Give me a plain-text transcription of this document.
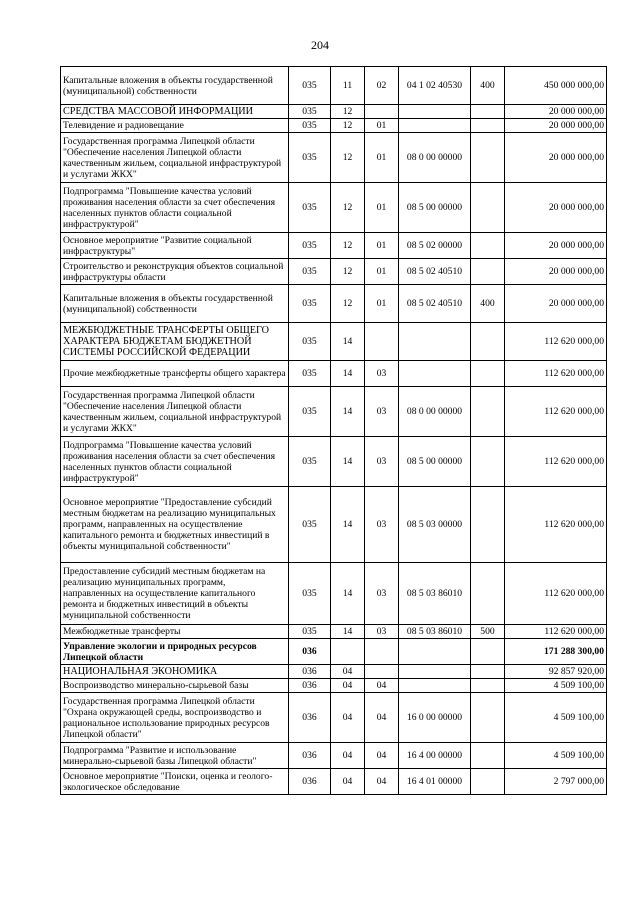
204
Капитальные вложения в объекты государственной (муниципальной) собственности	035	11	02	04 1 02 40530	400	450 000 000,00
СРЕДСТВА МАССОВОЙ ИНФОРМАЦИИ	035	12				20 000 000,00
Телевидение и радиовещание	035	12	01			20 000 000,00
Государственная программа Липецкой области "Обеспечение населения Липецкой области качественным жильем, социальной инфраструктурой и услугами ЖКХ"	035	12	01	08 0 00 00000		20 000 000,00
Подпрограмма "Повышение качества условий проживания населения области за счет обеспечения населенных пунктов области социальной инфраструктурой"	035	12	01	08 5 00 00000		20 000 000,00
Основное мероприятие "Развитие социальной инфраструктуры"	035	12	01	08 5 02 00000		20 000 000,00
Строительство и реконструкция объектов социальной инфраструктуры области	035	12	01	08 5 02 40510		20 000 000,00
Капитальные вложения в объекты государственной (муниципальной) собственности	035	12	01	08 5 02 40510	400	20 000 000,00
МЕЖБЮДЖЕТНЫЕ ТРАНСФЕРТЫ ОБЩЕГО ХАРАКТЕРА БЮДЖЕТАМ БЮДЖЕТНОЙ СИСТЕМЫ РОССИЙСКОЙ ФЕДЕРАЦИИ	035	14				112 620 000,00
Прочие межбюджетные трансферты общего характера	035	14	03			112 620 000,00
Государственная программа Липецкой области "Обеспечение населения Липецкой области качественным жильем, социальной инфраструктурой и услугами ЖКХ"	035	14	03	08 0 00 00000		112 620 000,00
Подпрограмма "Повышение качества условий проживания населения области за счет обеспечения населенных пунктов области социальной инфраструктурой"	035	14	03	08 5 00 00000		112 620 000,00
Основное мероприятие "Предоставление субсидий местным бюджетам на реализацию муниципальных программ, направленных на осуществление капитального ремонта и бюджетных инвестиций в объекты муниципальной собственности"	035	14	03	08 5 03 00000		112 620 000,00
Предоставление субсидий местным бюджетам на реализацию муниципальных программ, направленных на осуществление капитального ремонта и бюджетных инвестиций в объекты муниципальной собственности	035	14	03	08 5 03 86010		112 620 000,00
Межбюджетные трансферты	035	14	03	08 5 03 86010	500	112 620 000,00
Управление экологии и природных ресурсов Липецкой области	036					171 288 300,00
НАЦИОНАЛЬНАЯ ЭКОНОМИКА	036	04				92 857 920,00
Воспроизводство минерально-сырьевой базы	036	04	04			4 509 100,00
Государственная программа Липецкой области "Охрана окружающей среды, воспроизводство и рациональное использование природных ресурсов Липецкой области"	036	04	04	16 0 00 00000		4 509 100,00
Подпрограмма "Развитие и использование минерально-сырьевой базы Липецкой области"	036	04	04	16 4 00 00000		4 509 100,00
Основное мероприятие "Поиски, оценка и геолого-экологическое обследование	036	04	04	16 4 01 00000		2 797 000,00
